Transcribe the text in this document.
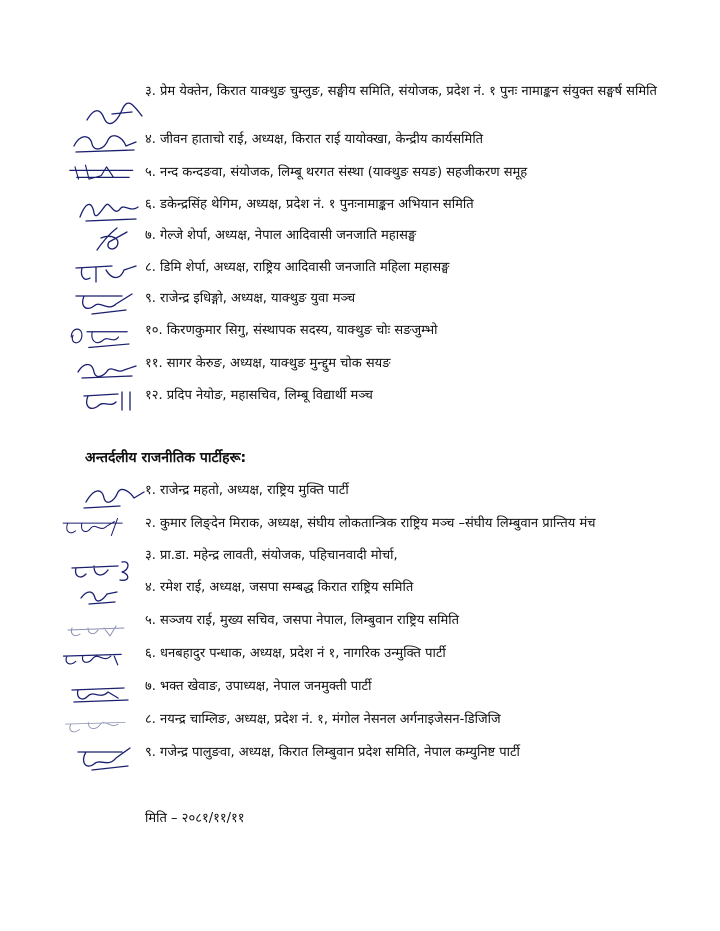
३. प्रेम येक्तेन, किरात याक्थुङ चुम्लुङ, सङ्घीय समिति, संयोजक, प्रदेश नं. १ पुनः नामाङ्कन संयुक्त सङ्घर्ष समिति
४. जीवन हाताचो राई, अध्यक्ष, किरात राई यायोक्खा, केन्द्रीय कार्यसमिति
५. नन्द कन्दङवा, संयोजक, लिम्बू थरगत संस्था (याक्थुङ सयङ) सहजीकरण समूह
६. डकेन्द्रसिंह थेगिम, अध्यक्ष, प्रदेश नं. १ पुनःनामाङ्कन अभियान समिति
७. गेल्जे शेर्पा, अध्यक्ष, नेपाल आदिवासी जनजाति महासङ्घ
८. डिमि शेर्पा, अध्यक्ष, राष्ट्रिय आदिवासी जनजाति महिला महासङ्घ
९. राजेन्द्र इधिङ्गो, अध्यक्ष, याक्थुङ युवा मञ्च
१०. किरणकुमार सिगु, संस्थापक सदस्य, याक्थुङ चोः सङजुम्भो
११. सागर केरुङ, अध्यक्ष, याक्थुङ मुन्द्दुम चोक सयङ
१२. प्रदिप नेयोङ, महासचिव, लिम्बू विद्यार्थी मञ्च
अन्तर्दलीय राजनीतिक पार्टीहरू:
१. राजेन्द्र महतो, अध्यक्ष, राष्ट्रिय मुक्ति पार्टी
२. कुमार लिङ्देन मिराक, अध्यक्ष, संघीय लोकतान्त्रिक राष्ट्रिय मञ्च –संघीय लिम्बुवान प्रान्तिय मंच
३. प्रा.डा. महेन्द्र लावती, संयोजक, पहिचानवादी मोर्चा,
४. रमेश राई, अध्यक्ष, जसपा सम्बद्ध किरात राष्ट्रिय समिति
५. सञ्जय राई, मुख्य सचिव, जसपा नेपाल, लिम्बुवान राष्ट्रिय समिति
६. धनबहादुर पन्धाक, अध्यक्ष, प्रदेश नं १, नागरिक उन्मुक्ति पार्टी
७. भक्त खेवाङ, उपाध्यक्ष, नेपाल जनमुक्ती पार्टी
८. नयन्द्र चाम्लिङ, अध्यक्ष, प्रदेश नं. १, मंगोल नेसनल अर्गनाइजेसन-डिजिजि
९. गजेन्द्र पालुङवा, अध्यक्ष, किरात लिम्बुवान प्रदेश समिति, नेपाल कम्युनिष्ट पार्टी
मिति – २०८१/११/११
